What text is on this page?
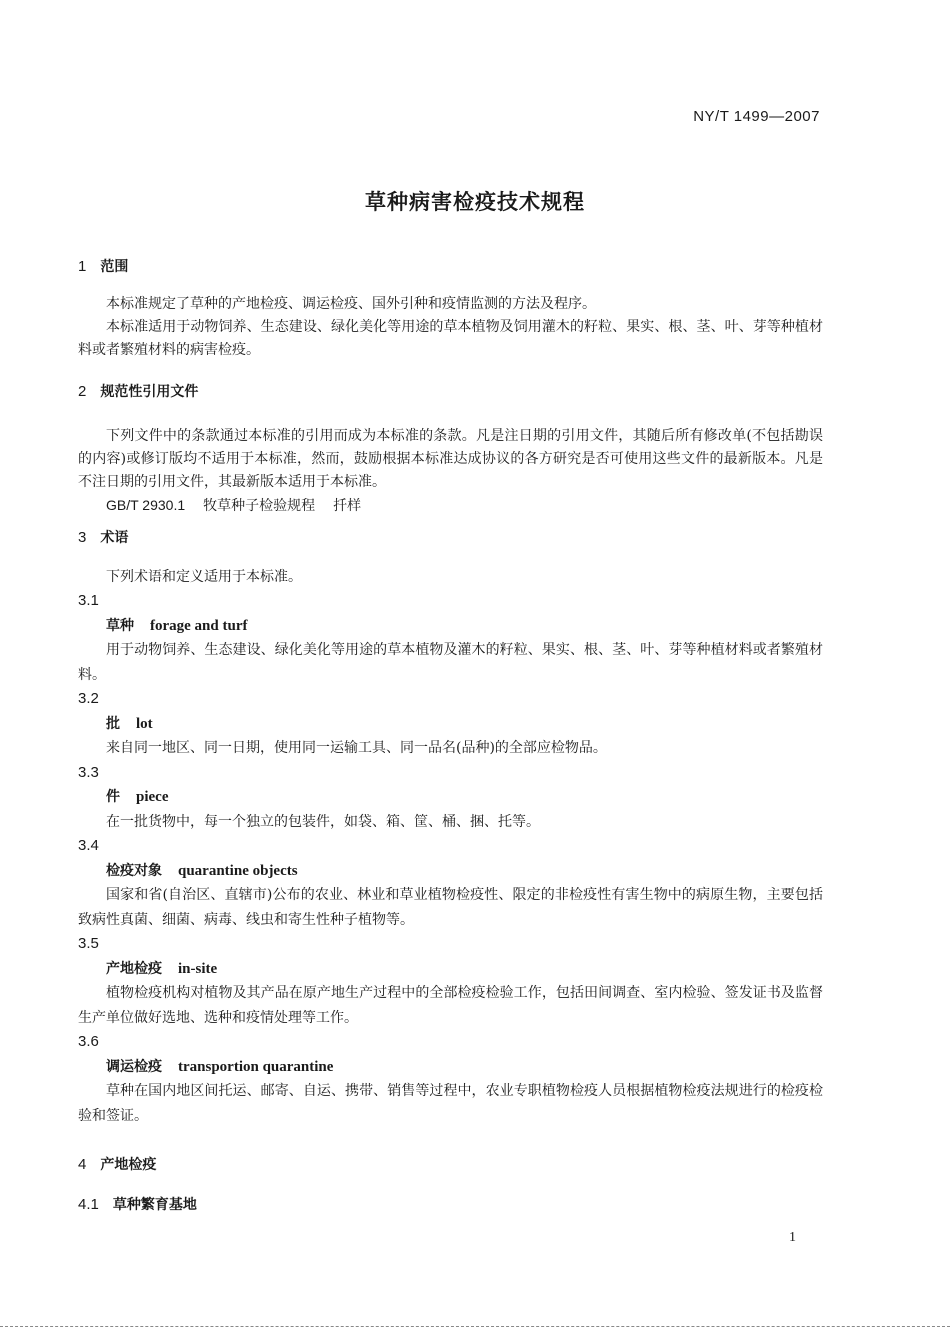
NY/T 1499—2007
草种病害检疫技术规程
1 范围
本标准规定了草种的产地检疫、调运检疫、国外引种和疫情监测的方法及程序。
本标准适用于动物饲养、生态建设、绿化美化等用途的草本植物及饲用灌木的籽粒、果实、根、茎、叶、芽等种植材料或者繁殖材料的病害检疫。
2 规范性引用文件
下列文件中的条款通过本标准的引用而成为本标准的条款。凡是注日期的引用文件，其随后所有修改单(不包括勘误的内容)或修订版均不适用于本标准，然而，鼓励根据本标准达成协议的各方研究是否可使用这些文件的最新版本。凡是不注日期的引用文件，其最新版本适用于本标准。
GB/T 2930.1 牧草种子检验规程 扦样
3 术语
下列术语和定义适用于本标准。
3.1
草种 forage and turf
用于动物饲养、生态建设、绿化美化等用途的草本植物及灌木的籽粒、果实、根、茎、叶、芽等种植材料或者繁殖材料。
3.2
批 lot
来自同一地区、同一日期，使用同一运输工具、同一品名(品种)的全部应检物品。
3.3
件 piece
在一批货物中，每一个独立的包装件，如袋、箱、筐、桶、捆、托等。
3.4
检疫对象 quarantine objects
国家和省(自治区、直辖市)公布的农业、林业和草业植物检疫性、限定的非检疫性有害生物中的病原生物，主要包括致病性真菌、细菌、病毒、线虫和寄生性种子植物等。
3.5
产地检疫 in-site
植物检疫机构对植物及其产品在原产地生产过程中的全部检疫检验工作，包括田间调查、室内检验、签发证书及监督生产单位做好选地、选种和疫情处理等工作。
3.6
调运检疫 transportion quarantine
草种在国内地区间托运、邮寄、自运、携带、销售等过程中，农业专职植物检疫人员根据植物检疫法规进行的检疫检验和签证。
4 产地检疫
4.1 草种繁育基地
1
